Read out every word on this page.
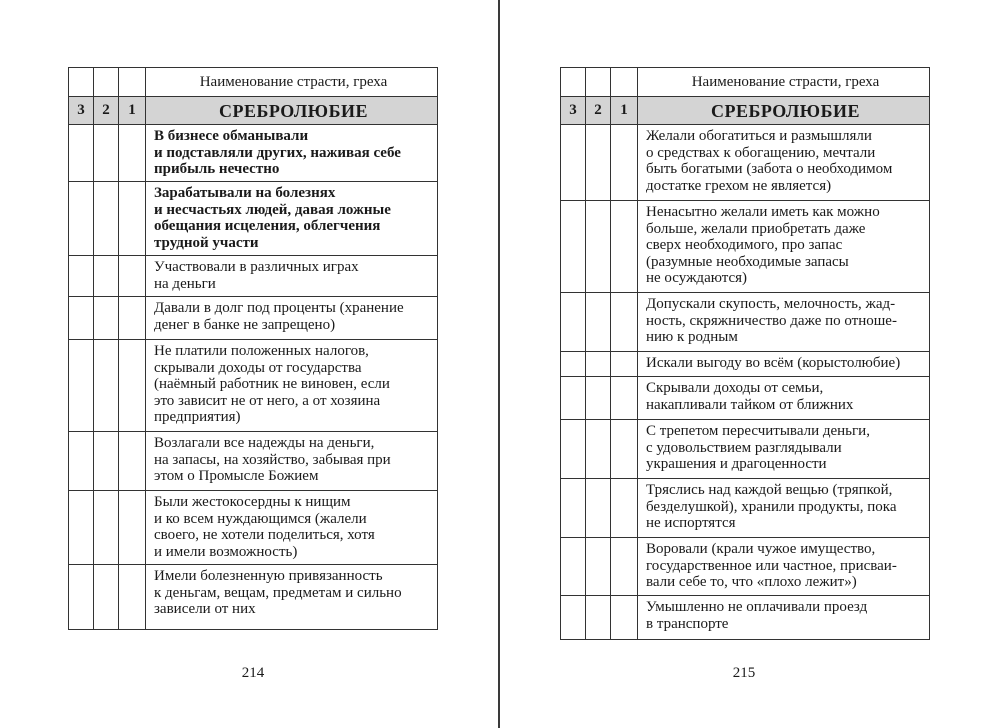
			Наименование страсти, греха
3	2	1	СРЕБРОЛЮБИЕ

			В бизнесе обманывали
и подставляли других, наживая себе
прибыль нечестно

			Зарабатывали на болезнях
и несчастьях людей, давая ложные
обещания исцеления, облегчения
трудной участи

			Участвовали в различных играх
на деньги

			Давали в долг под проценты (хранение
денег в банке не запрещено)

			Не платили положенных налогов,
скрывали доходы от государства
(наёмный работник не виновен, если
это зависит не от него, а от хозяина
предприятия)

			Возлагали все надежды на деньги,
на запасы, на хозяйство, забывая при
этом о Промысле Божием

			Были жестокосердны к нищим
и ко всем нуждающимся (жалели
своего, не хотели поделиться, хотя
и имели возможность)

			Имели болезненную привязанность
к деньгам, вещам, предметам и сильно
зависели от них
214
			Наименование страсти, греха
3	2	1	СРЕБРОЛЮБИЕ

			Желали обогатиться и размышляли
о средствах к обогащению, мечтали
быть богатыми (забота о необходимом
достатке грехом не является)

			Ненасытно желали иметь как можно
больше, желали приобретать даже
сверх необходимого, про запас
(разумные необходимые запасы
не осуждаются)

			Допускали скупость, мелочность, жад-
ность, скряжничество даже по отноше-
нию к родным

			Искали выгоду во всём (корыстолюбие)

			Скрывали доходы от семьи,
накапливали тайком от ближних

			С трепетом пересчитывали деньги,
с удовольствием разглядывали
украшения и драгоценности

			Тряслись над каждой вещью (тряпкой,
безделушкой), хранили продукты, пока
не испортятся

			Воровали (крали чужое имущество,
государственное или частное, присваи-
вали себе то, что «плохо лежит»)

			Умышленно не оплачивали проезд
в транспорте
215
